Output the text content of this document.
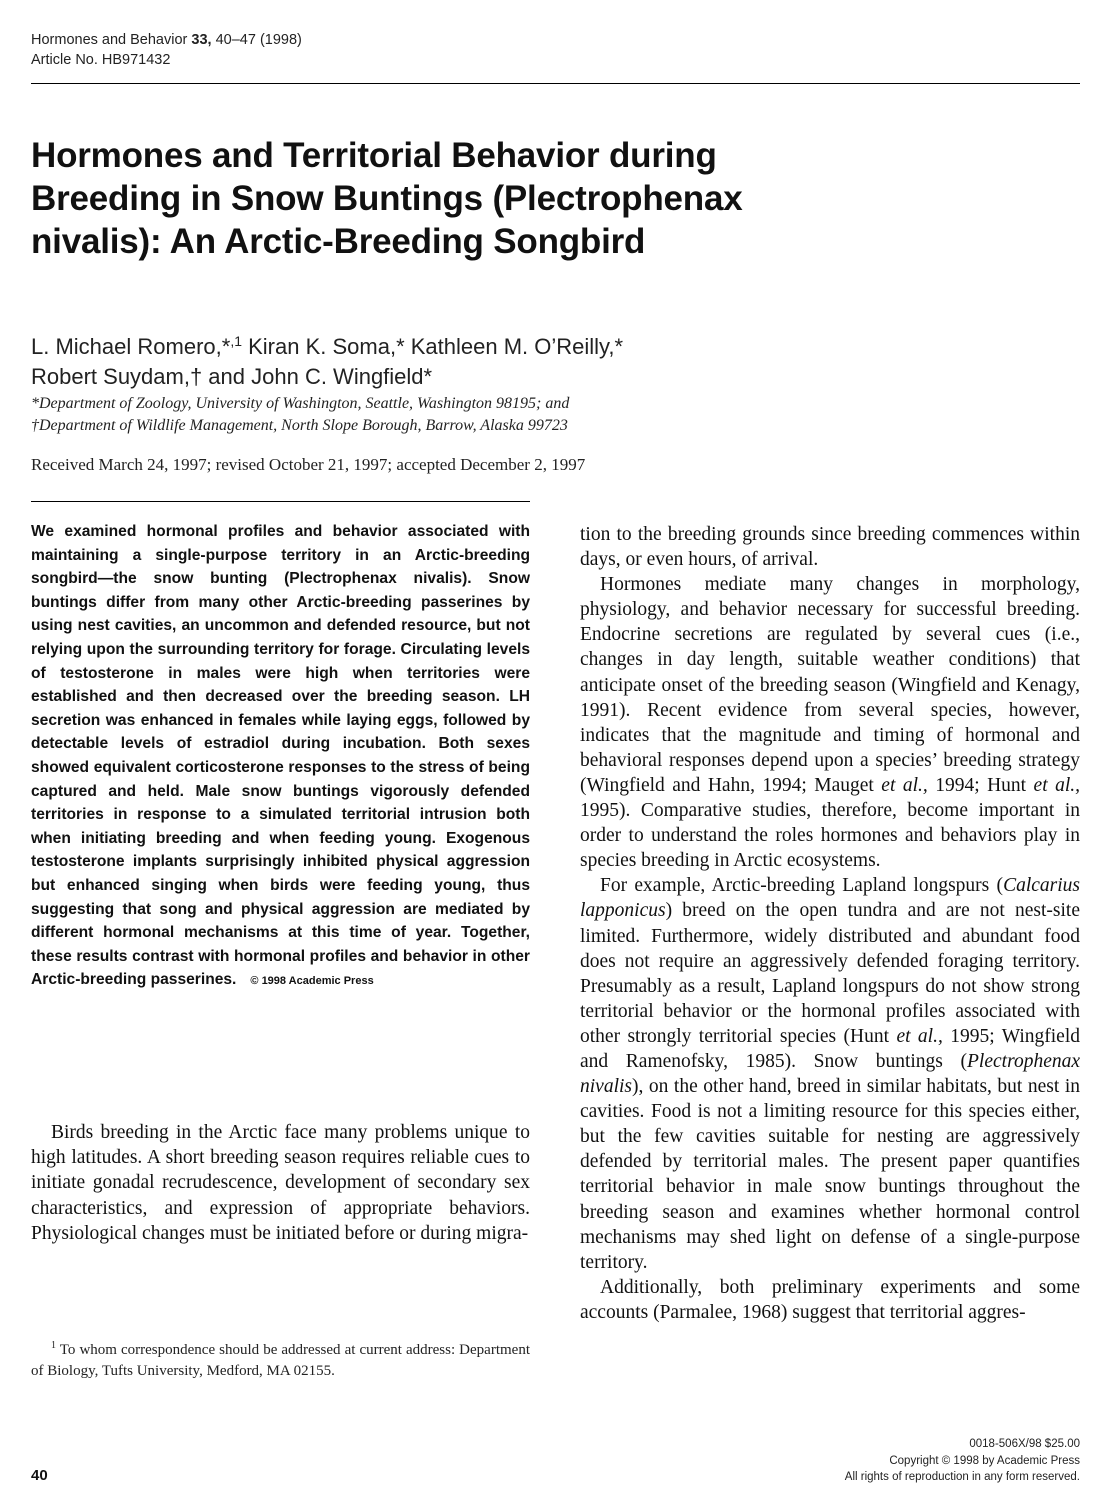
Hormones and Behavior 33, 40–47 (1998)
Article No. HB971432
Hormones and Territorial Behavior during
Breeding in Snow Buntings (Plectrophenax
nivalis): An Arctic-Breeding Songbird
L. Michael Romero,*$^{,1}$ Kiran K. Soma,* Kathleen M. O’Reilly,*
Robert Suydam,† and John C. Wingfield*
*Department of Zoology, University of Washington, Seattle, Washington 98195; and
†Department of Wildlife Management, North Slope Borough, Barrow, Alaska 99723
Received March 24, 1997; revised October 21, 1997; accepted December 2, 1997
We examined hormonal profiles and behavior associated with maintaining a single-purpose territory in an Arctic-breeding songbird—the snow bunting (Plectrophenax nivalis). Snow buntings differ from many other Arctic-breeding passerines by using nest cavities, an uncommon and defended resource, but not relying upon the surrounding territory for forage. Circulating levels of testosterone in males were high when territories were established and then decreased over the breeding season. LH secretion was enhanced in females while laying eggs, followed by detectable levels of estradiol during incubation. Both sexes showed equivalent corticosterone responses to the stress of being captured and held. Male snow buntings vigorously defended territories in response to a simulated territorial intrusion both when initiating breeding and when feeding young. Exogenous testosterone implants surprisingly inhibited physical aggression but enhanced singing when birds were feeding young, thus suggesting that song and physical aggression are mediated by different hormonal mechanisms at this time of year. Together, these results contrast with hormonal profiles and behavior in other Arctic-breeding passerines. © 1998 Academic Press

Birds breeding in the Arctic face many problems unique to high latitudes. A short breeding season requires reliable cues to initiate gonadal recrudescence, development of secondary sex characteristics, and expression of appropriate behaviors. Physiological changes must be initiated before or during migra-

$^1$ To whom correspondence should be addressed at current address: Department of Biology, Tufts University, Medford, MA 02155.

tion to the breeding grounds since breeding commences within days, or even hours, of arrival.

Hormones mediate many changes in morphology, physiology, and behavior necessary for successful breeding. Endocrine secretions are regulated by several cues (i.e., changes in day length, suitable weather conditions) that anticipate onset of the breeding season (Wingfield and Kenagy, 1991). Recent evidence from several species, however, indicates that the magnitude and timing of hormonal and behavioral responses depend upon a species’ breeding strategy (Wingfield and Hahn, 1994; Mauget et al., 1994; Hunt et al., 1995). Comparative studies, therefore, become important in order to understand the roles hormones and behaviors play in species breeding in Arctic ecosystems.

For example, Arctic-breeding Lapland longspurs (Calcarius lapponicus) breed on the open tundra and are not nest-site limited. Furthermore, widely distributed and abundant food does not require an aggressively defended foraging territory. Presumably as a result, Lapland longspurs do not show strong territorial behavior or the hormonal profiles associated with other strongly territorial species (Hunt et al., 1995; Wingfield and Ramenofsky, 1985). Snow buntings (Plectrophenax nivalis), on the other hand, breed in similar habitats, but nest in cavities. Food is not a limiting resource for this species either, but the few cavities suitable for nesting are aggressively defended by territorial males. The present paper quantifies territorial behavior in male snow buntings throughout the breeding season and examines whether hormonal control mechanisms may shed light on defense of a single-purpose territory.

Additionally, both preliminary experiments and some accounts (Parmalee, 1968) suggest that territorial aggres-

40
0018-506X/98 $25.00
Copyright © 1998 by Academic Press
All rights of reproduction in any form reserved.
